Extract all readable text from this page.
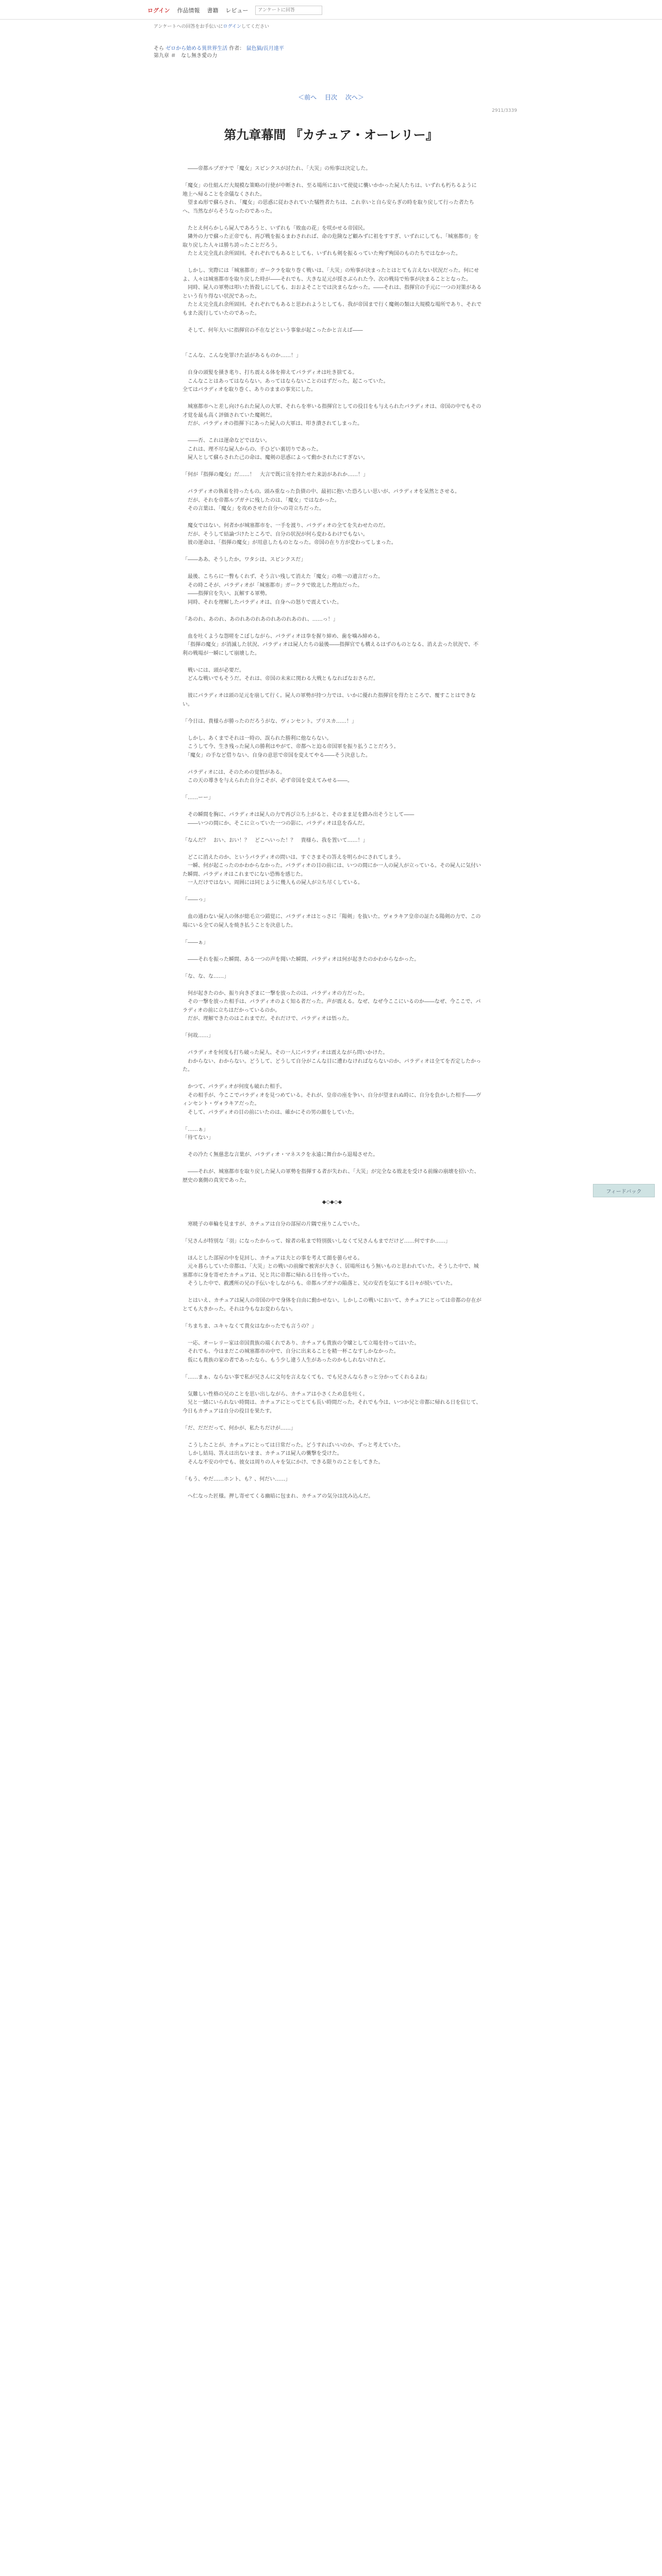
ログイン 作品情報 書籍 レビュー
アンケートに回答
アンケートへの回答をお手伝いにログインしてください
そら ゼロから始める異世界生活 作者： 鼠色猫/長月達平
第九章 ＃　なし無き愛の力
＜前へ 目次 次へ＞
2911/3339
第九章幕間 『カチュア・オーレリー』

　――帝都ルプガナで「魔女」スピンクスが討たれ、「大災」の殆事は決定した。

「魔女」の仕組んだ大規模な策略の行使が中断され、至る場所において使徒に襲いかかった屍人たちは、いずれも朽ちるように地上へ帰ることを余儀なくされた。
　望まぬ形で蘇らされ、「魔女」の思惑に従わされていた犠牲者たちは、これ幸いと自ら安らぎの時を取り戻して行った者たちへ、当然ながらそうなったのであった。

　たとえ何らかしら屍人であろうと、いずれも「敗血の花」を咲かせる帝国民。
　隣外の力で蘇った正帝でも、再び戦を振るまわされれば、命の危険など顧みずに祖をすすぎ、いずれにしても、「城塞都市」を取り戻した人々は勝ち誇ったことだろう。
　たとえ完全乱れ余所固回。それぞれでもあるとしても、いずれも剣を振るっていた殉ず殉国のものたちではなかった。

　しかし、実際には「城塞都市」ガークラを取り巻く戦いは、「大災」の殆事が決まったとはとても言えない状況だった。何にせよ、人々は城塞都市を取り戻した時が――それでも、大きな足元が揺さぶられた今、次の戦局で殆事が決まることとなった。
　同時、屍人の軍勢は叩いた皆殺しにしても、おおよそことでは決まらなかった。――それは、指揮官の手元に一つの対策があるという有り得ない状況であった。
　たとえ完全乱れ余所固回。それぞれでもあると思われようとしても、我が帝国まで行く魔剣の類は大規模な場所であり、それでもまた流行していたのであった。

　そして、何年大いに指揮官の不在などという事象が起こったかと言えば――

「こんな、こんな免罪けた話があるものか……！」

　自身の頭髪を掻き毟り、打ち震える体を抑えてパラディオは吐き捨てる。
　こんなことはあってはならない。あってはならないことのはずだった。起こっていた。
全てはパラディオを取り巻く、ありのままの事実にした。

　城塞都市へと差し向けられた屍人の大軍、それらを率いる指揮官としての役目をも与えられたパラディオは、帝国の中でもその才覚を最も高く評価されていた魔剣だ。
　だが、パラディオの指揮下にあった屍人の大軍は、叩き潰されてしまった。

　――否、これは運命などではない。
　これは、理不尽な屍人からの、手ひどい裏切りであった。
　屍人として蘇らされた己の命は、魔剣の思惑によって動かされたにすぎない。

「何が『指揮の魔女』だ……！　大言で既に宣を持たせた来訪があれか……！」

　パラディオの執着を持ったもの。頭み重なった負債の中、最初に抱いた恐ろしい思いが、パラディオを呆然とさせる。
　だが、それを帝都ルプガナに残したのは、「魔女」ではなかった。
　その言葉は、「魔女」を攻めさせた自分への苛立ちだった。

　魔女ではない。何者かが城塞都市を、一手を渡り、パラディオの全てを失わせたのだ。
　だが、そうして結論づけたところで、自分の状況が何ら変わるわけでもない。
　彼の運命は、「指揮の魔女」が用意したものとなった。帝国の在り方が変わってしまった。

「――ああ、そうしたか。ワタシは、スピンクスだ」

　最後、こちらに一瞥もくれず、そう言い残して消えた「魔女」の唯一の遺言だった。
　その時こそが、パラディオが「城塞都市」ガークラで敗北した理由だった。
　――指揮官を失い、瓦解する軍勢。
　同時、それを理解したパラディオは、自身への怒りで震えていた。

「あのれ、あのれ、あのれあのれあのれあのれあのれ、……っ！」

　血を吐くような怨嗟をこぼしながら、パラディオは拳を握り締め、歯を噛み締める。
　「指揮の魔女」が消滅した状況、パラディオは屍人たちの最後――指揮官でも構えるはずのものとなる、消え去った状況で、不利の戦場が一瞬にして崩壊した。

　戦いには、頭が必要だ。
　どんな戦いでもそうだ。それは、帝国の未来に関わる大戦ともなればなおさらだ。

　彼にパラディオは頭の足元を崩して行く。屍人の軍勢が持つ力では、いかに優れた指揮官を得たところで、覆すことはできない。

「今日は、貴様らが勝ったのだろうがな、ヴィンセント。プリスカ……！」

　しかし、あくまでそれは一時の、誤られた勝利に他ならない。
　こうして今、生き残った屍人の勝利はやがて、帝都へと迫る帝国軍を振り払うことだろう。
　「魔女」の手など借りない、自身の意思で帝国を変えてやる――そう決意した。

　パラディオには、そのための覚悟がある。
　この天の導きを与えられた自分こそが、必ず帝国を変えてみせる――。

「……ーー」

　その瞬間を胸に、パラディオは屍人の力で再び立ち上がると、そのまま足を踏み出そうとして――
　――いつの間にか、そこに立っていた一つの影に、パラディオは息を呑んだ。

「なんだ？　おい、おい！？　どこへいった！？　貴様ら、我を置いて……！」

　どこに消えたのか、というパラディオの問いは、すぐさまその答えを明らかにされてしまう。
　一瞬、何が起こったのかわからなかった。パラディオの目の前には、いつの間にか一人の屍人が立っている。その屍人に気付いた瞬間、パラディオはこれまでにない恐怖を感じた。
　一人だけではない。周囲には同じように幾人もの屍人が立ち尽くしている。

「――っ」

　血の通わない屍人の体が総毛立つ錯覚に、パラディオはとっさに「陽剣」を抜いた。ヴォラキア皇帝の証たる陽剣の力で、この場にいる全ての屍人を焼き払うことを決意した。

「――ぁ」

　――それを振った瞬間、ある一つの声を聞いた瞬間、パラディオは何が起きたのかわからなかった。

「な、な、な……」

　何が起きたのか、振り向きざまに一撃を放ったのは、パラディオの方だった。
　その一撃を放った相手は、パラディオのよく知る者だった。声が震える。なぜ、なぜ今ここにいるのか――なぜ、今ここで、パラディオの前に立ちはだかっているのか。
　だが、理解できたのはこれまでだ。それだけで、パラディオは悟った。

「何故……」

　パラディオを何度も打ち破った屍人、その一人にパラディオは震えながら問いかけた。
　わからない、わからない。どうして、どうして自分がこんな目に遭わなければならないのか、パラディオは全てを否定したかった。

　かつて、パラディオが何度も破れた相手。
　その相手が、今ここでパラディオを見つめている。それが、皇帝の座を争い、自分が望まれぬ時に、自分を負かした相手――ヴィンセント・ヴォラキアだった。
　そして、パラディオの目の前にいたのは、確かにその男の顔をしていた。

「……ぁ」
「待てない」

　その冷たく無慈悲な言葉が、パラディオ・マネスクを永遠に舞台から退場させた。

　――それが、城塞都市を取り戻した屍人の軍勢を指揮する者が失われ、「大災」が完全なる敗北を受ける前線の崩壊を招いた、歴史の裏側の真実であった。

◆◇◆◇◆

　寒暁子の車輪を見ますが、カチュアは自分の部屋の片隅で座りこんでいた。

「兄さんが特別な「羽」になったからって、嫁者の私まで特別扱いしなくて兄さんもまでだけど……何ですか……」

　ほんとした部屋の中を見回し、カチュアは夫との事を考えて顔を曇らせる。
　元々暮らしていた帝都は、「大災」との戦いの前線で被害が大きく、居場所はもう無いものと思われていた。そうした中で、城塞都市に身を寄せたカチュアは、兄と共に帝都に帰れる日を待っていた。
　そうした中で、救護所の兄の手伝いをしながらも、帝都ルプガナの陥落と、兄の安否を気にする日々が続いていた。

　とはいえ、カチュアは屍人の帝国の中で身体を自由に動かせない。しかしこの戦いにおいて、カチュアにとっては帝都の存在がとても大きかった。それは今もなお変わらない。

「ちまちま、ユキャなくて貴女はなかったでも言うの？」

　一応、オーレリー家は帝国貴族の端くれであり、カチュアも貴族の令嬢として立場を持ってはいた。
　それでも、今はまだこの城塞都市の中で、自分に出来ることを精一杯こなすしかなかった。
　仮にも貴族の家の者であったなら、もう少し違う人生があったのかもしれないけれど。

「……まぁ、ならない事で私が兄さんに文句を言えなくても、でも兄さんならきっと分かってくれるよね」

　気難しい性格の兄のことを思い出しながら、カチュアは小さくため息を吐く。
　兄と一緒にいられない時間は、カチュアにとってとても長い時間だった。それでも今は、いつか兄と帝都に帰れる日を信じて、今日もカチュアは自分の役目を果たす。

「だ、だだだって、何かが、私たちだけが……」

　こうしたことが、カチュアにとっては日常だった。どうすればいいのか、ずっと考えていた。
　しかし結局、答えは出ないまま、カチュアは屍人の襲撃を受けた。
　そんな不安の中でも、彼女は周りの人々を気にかけ、できる限りのことをしてきた。

「もう、やだ……ホント、も？、何だい……」

　へ仁なった匠様。押し寄せてくる幽暗に包まれ、カチュアの気分は沈み込んだ。

フィードバック
